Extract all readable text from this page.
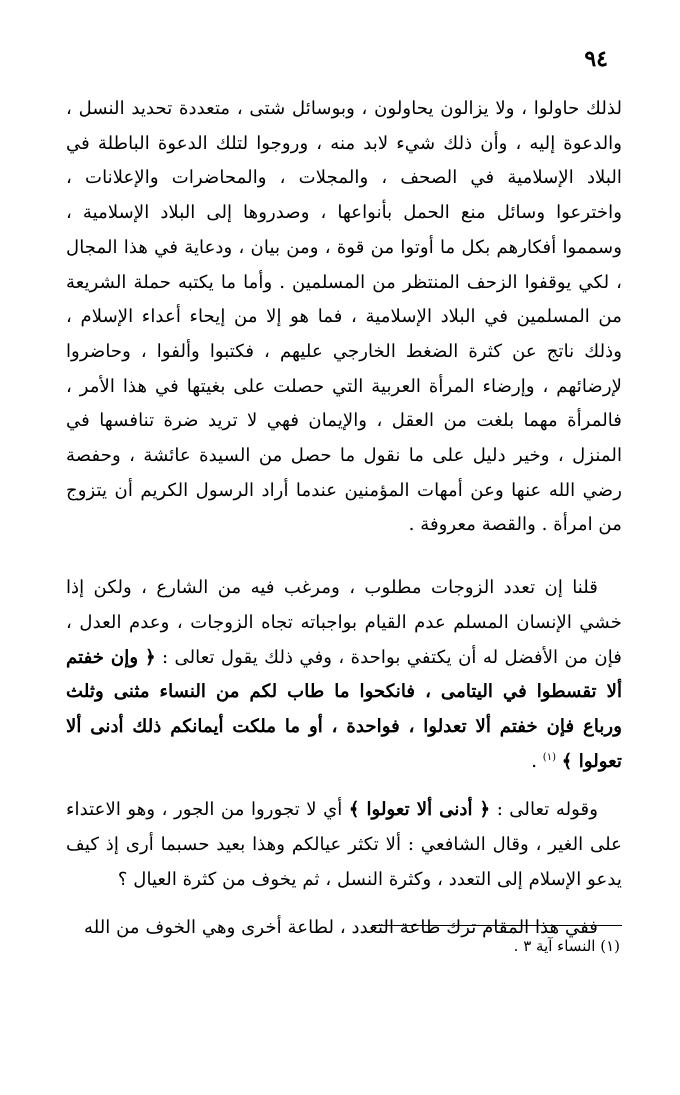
٩٤

لذلك حاولوا ، ولا يزالون يحاولون ، وبوسائل شتى ، متعددة تحديد النسل ، والدعوة إليه ، وأن ذلك شيء لابد منه ، وروجوا لتلك الدعوة الباطلة في البلاد الإسلامية في الصحف ، والمجلات ، والمحاضرات والإعلانات ، واخترعوا وسائل منع الحمل بأنواعها ، وصدروها إلى البلاد الإسلامية ، وسمموا أفكارهم بكل ما أوتوا من قوة ، ومن بيان ، ودعاية في هذا المجال ، لكي يوقفوا الزحف المنتظر من المسلمين . وأما ما يكتبه حملة الشريعة من المسلمين في البلاد الإسلامية ، فما هو إلا من إيحاء أعداء الإسلام ، وذلك ناتج عن كثرة الضغط الخارجي عليهم ، فكتبوا وألفوا ، وحاضروا لإرضائهم ، وإرضاء المرأة العربية التي حصلت على بغيتها في هذا الأمر ، فالمرأة مهما بلغت من العقل ، والإيمان فهي لا تريد ضرة تنافسها في المنزل ، وخير دليل على ما نقول ما حصل من السيدة عائشة ، وحفصة رضي الله عنها وعن أمهات المؤمنين عندما أراد الرسول الكريم أن يتزوج من امرأة . والقصة معروفة .

قلنا إن تعدد الزوجات مطلوب ، ومرغب فيه من الشارع ، ولكن إذا خشي الإنسان المسلم عدم القيام بواجباته تجاه الزوجات ، وعدم العدل ، فإن من الأفضل له أن يكتفي بواحدة ، وفي ذلك يقول تعالى : ﴿ وإن خفتم ألا تقسطوا في اليتامى ، فانكحوا ما طاب لكم من النساء مثنى وثلث ورباع فإن خفتم ألا تعدلوا ، فواحدة ، أو ما ملكت أيمانكم ذلك أدنى ألا تعولوا ﴾ $^{(١)}$ .

وقوله تعالى : ﴿ أدنى ألا تعولوا ﴾ أي لا تجوروا من الجور ، وهو الاعتداء على الغير ، وقال الشافعي : ألا تكثر عيالكم وهذا بعيد حسبما أرى إذ كيف يدعو الإسلام إلى التعدد ، وكثرة النسل ، ثم يخوف من كثرة العيال ؟

ففي هذا المقام ترك طاعة التعدد ، لطاعة أخرى وهي الخوف من الله

(١) النساء آية ٣ .
